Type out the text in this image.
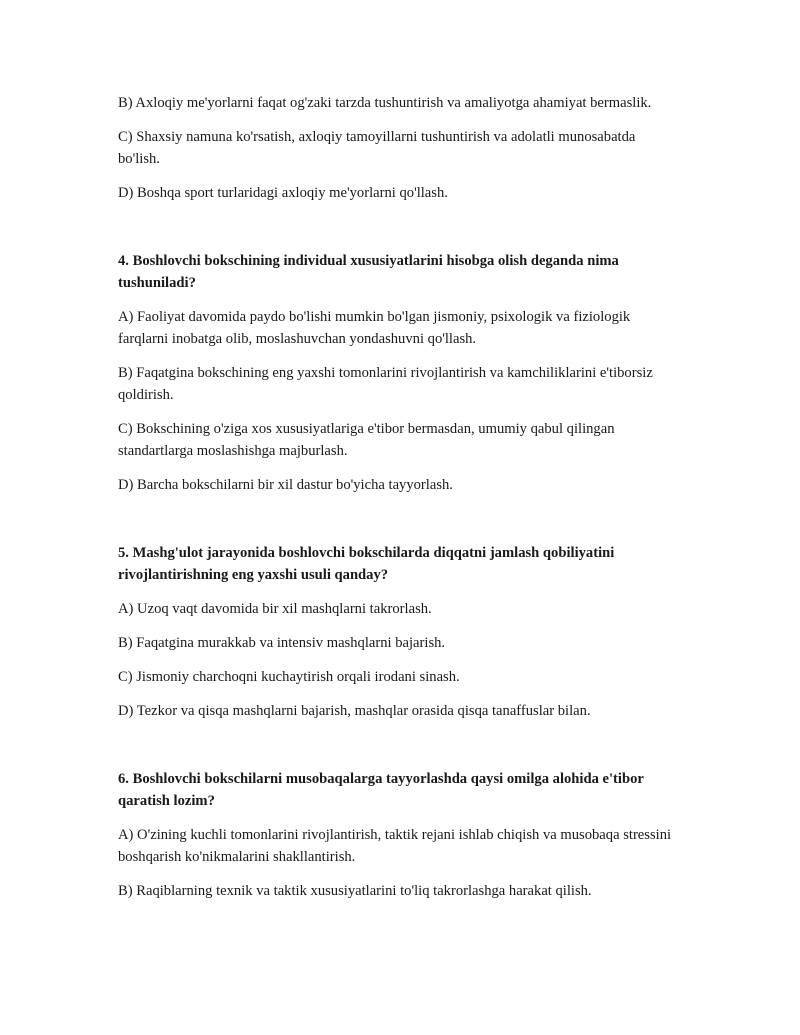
B) Axloqiy me'yorlarni faqat og'zaki tarzda tushuntirish va amaliyotga ahamiyat bermaslik.

C) Shaxsiy namuna ko'rsatish, axloqiy tamoyillarni tushuntirish va adolatli munosabatda bo'lish.

D) Boshqa sport turlaridagi axloqiy me'yorlarni qo'llash.

4. Boshlovchi bokschining individual xususiyatlarini hisobga olish deganda nima tushuniladi?

A) Faoliyat davomida paydo bo'lishi mumkin bo'lgan jismoniy, psixologik va fiziologik farqlarni inobatga olib, moslashuvchan yondashuvni qo'llash.

B) Faqatgina bokschining eng yaxshi tomonlarini rivojlantirish va kamchiliklarini e'tiborsiz qoldirish.

C) Bokschining o'ziga xos xususiyatlariga e'tibor bermasdan, umumiy qabul qilingan standartlarga moslashishga majburlash.

D) Barcha bokschilarni bir xil dastur bo'yicha tayyorlash.

5. Mashg'ulot jarayonida boshlovchi bokschilarda diqqatni jamlash qobiliyatini rivojlantirishning eng yaxshi usuli qanday?

A) Uzoq vaqt davomida bir xil mashqlarni takrorlash.

B) Faqatgina murakkab va intensiv mashqlarni bajarish.

C) Jismoniy charchoqni kuchaytirish orqali irodani sinash.

D) Tezkor va qisqa mashqlarni bajarish, mashqlar orasida qisqa tanaffuslar bilan.

6. Boshlovchi bokschilarni musobaqalarga tayyorlashda qaysi omilga alohida e'tibor qaratish lozim?

A) O'zining kuchli tomonlarini rivojlantirish, taktik rejani ishlab chiqish va musobaqa stressini boshqarish ko'nikmalarini shakllantirish.

B) Raqiblarning texnik va taktik xususiyatlarini to'liq takrorlashga harakat qilish.
